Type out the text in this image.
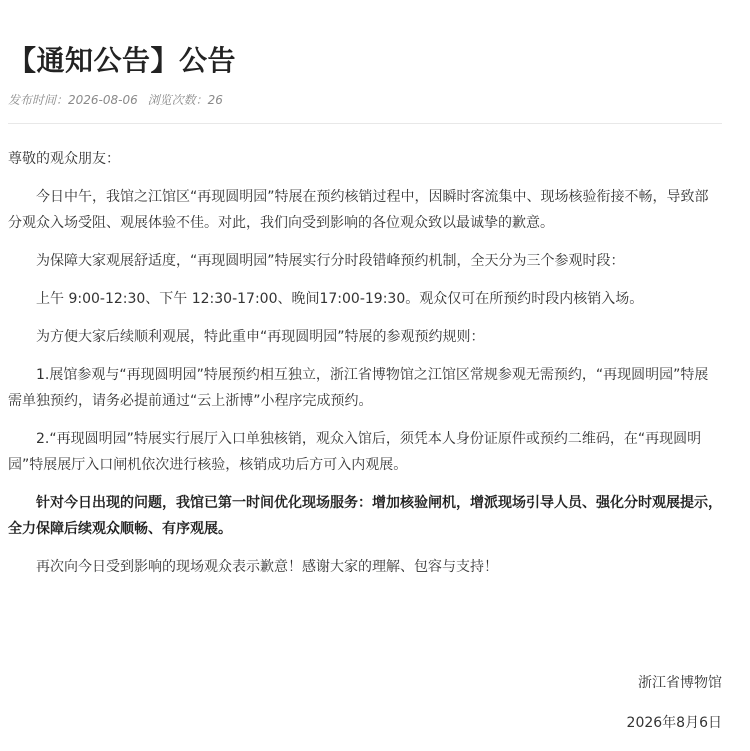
【通知公告】公告
发布时间：2026-08-06 浏览次数：26

尊敬的观众朋友：

今日中午，我馆之江馆区“再现圆明园”特展在预约核销过程中，因瞬时客流集中、现场核验衔接不畅，导致部分观众入场受阻、观展体验不佳。对此，我们向受到影响的各位观众致以最诚挚的歉意。

为保障大家观展舒适度，“再现圆明园”特展实行分时段错峰预约机制，全天分为三个参观时段：

上午 9:00-12:30、下午 12:30-17:00、晚间17:00-19:30。观众仅可在所预约时段内核销入场。

为方便大家后续顺利观展，特此重申“再现圆明园”特展的参观预约规则：

1.展馆参观与“再现圆明园”特展预约相互独立，浙江省博物馆之江馆区常规参观无需预约，“再现圆明园”特展需单独预约，请务必提前通过“云上浙博”小程序完成预约。

2.“再现圆明园”特展实行展厅入口单独核销，观众入馆后，须凭本人身份证原件或预约二维码，在“再现圆明园”特展展厅入口闸机依次进行核验，核销成功后方可入内观展。

针对今日出现的问题，我馆已第一时间优化现场服务：增加核验闸机，增派现场引导人员、强化分时观展提示，全力保障后续观众顺畅、有序观展。

再次向今日受到影响的现场观众表示歉意！感谢大家的理解、包容与支持！

浙江省博物馆
2026年8月6日
